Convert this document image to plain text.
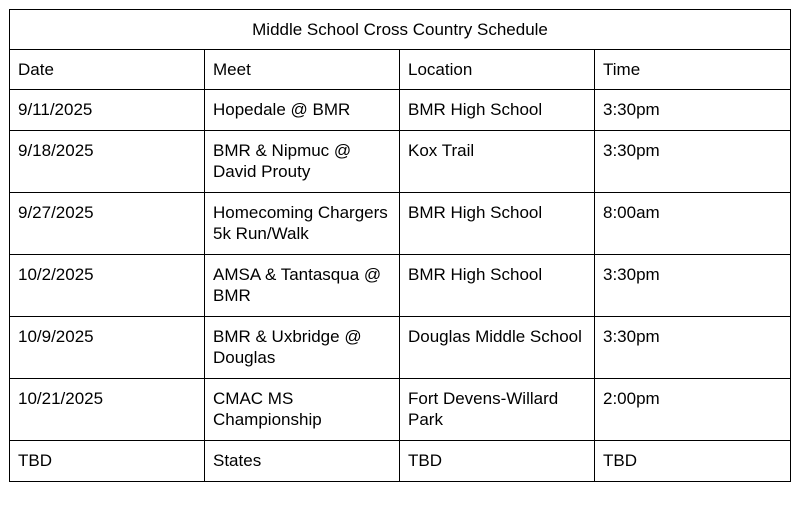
Middle School Cross Country Schedule			
Date	Meet	Location	Time
9/11/2025	Hopedale @ BMR	BMR High School	3:30pm
9/18/2025	BMR & Nipmuc @ David Prouty	Kox Trail	3:30pm
9/27/2025	Homecoming Chargers 5k Run/Walk	BMR High School	8:00am
10/2/2025	AMSA & Tantasqua @ BMR	BMR High School	3:30pm
10/9/2025	BMR & Uxbridge @ Douglas	Douglas Middle School	3:30pm
10/21/2025	CMAC MS Championship	Fort Devens-Willard Park	2:00pm
TBD	States	TBD	TBD
